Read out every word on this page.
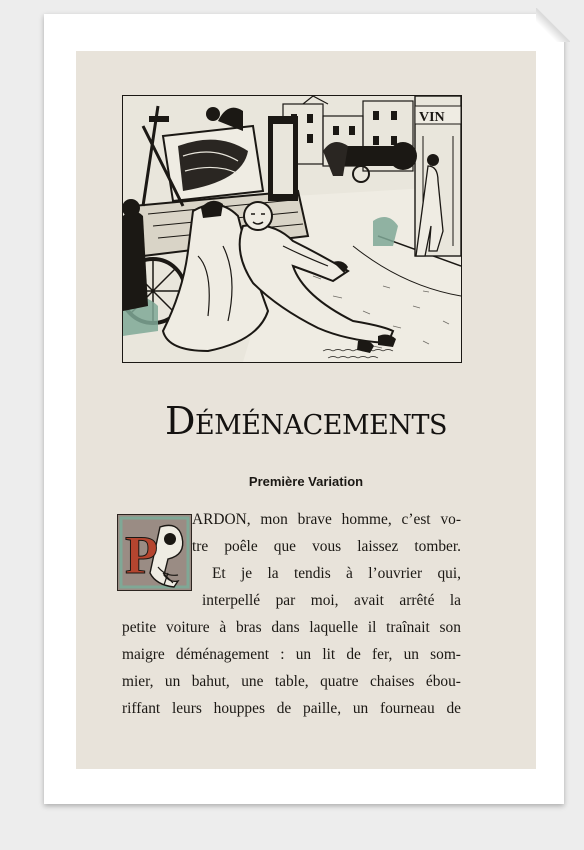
VIN
Déménacements
Première Variation
P
ARDON, mon brave homme, c’est vo-
tre poêle que vous laissez tomber.
Et je la tendis à l’ouvrier qui,
interpellé par moi, avait arrêté la
petite voiture à bras dans laquelle il traînait son
maigre déménagement : un lit de fer, un som-
mier, un bahut, une table, quatre chaises ébou-
riffant leurs houppes de paille, un fourneau de
